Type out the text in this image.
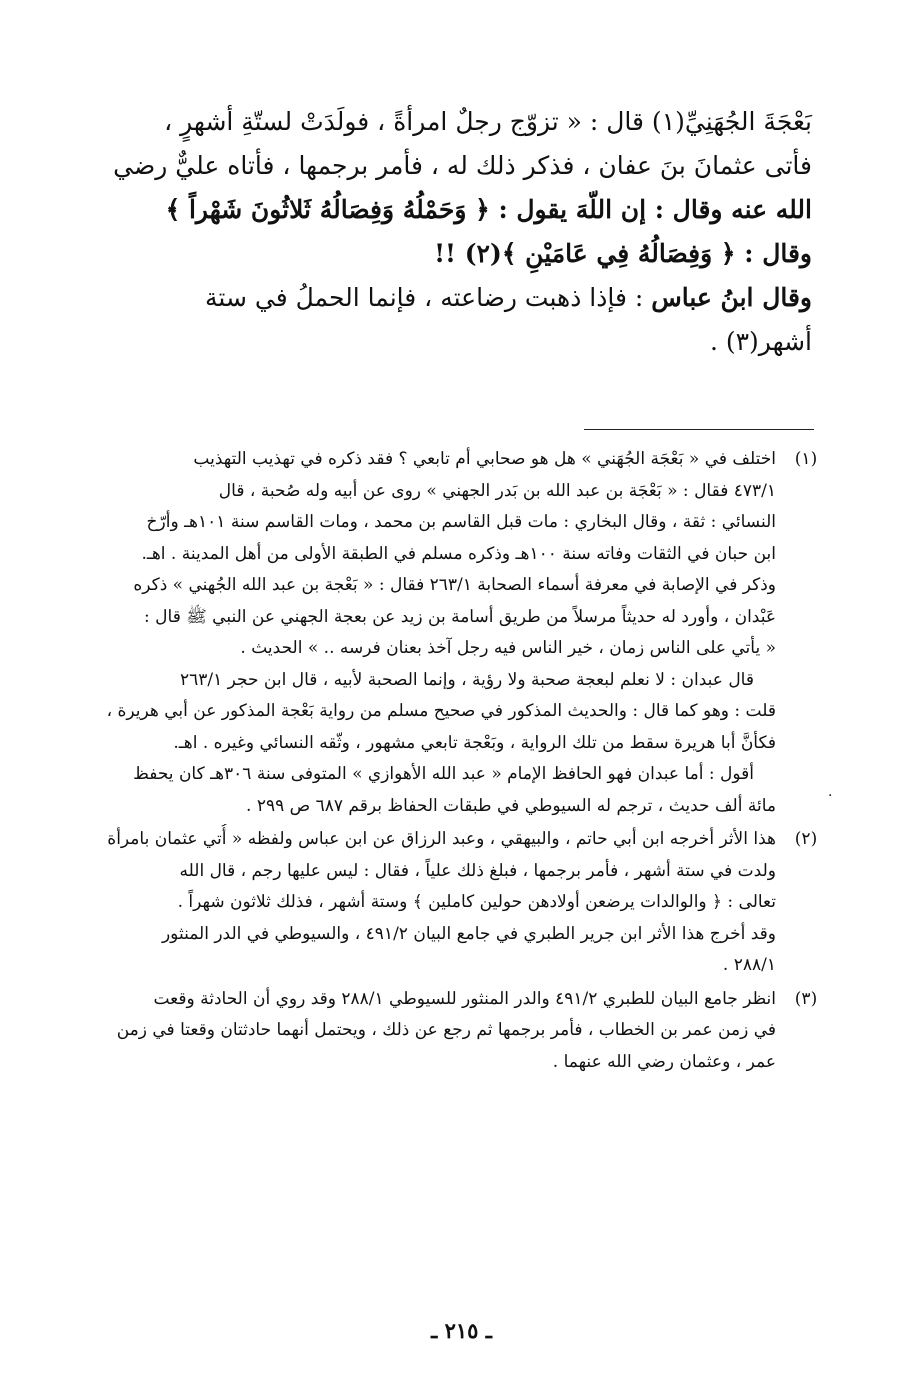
بَعْجَةَ الجُهَنِيِّ(١) قال : « تزوّج رجلٌ امرأةً ، فولَدَتْ لستّةِ أشهرٍ ،

فأتى عثمانَ بنَ عفان ، فذكر ذلك له ، فأمر برجمها ، فأتاه عليٌّ رضي

الله عنه وقال : إن اللّهَ يقول : ﴿ وَحَمْلُهُ وَفِصَالُهُ ثَلاثُونَ شَهْراً ﴾

وقال : ﴿ وَفِصَالُهُ فِي عَامَيْنِ ﴾(٢) !!

وقال ابنُ عباس : فإذا ذهبت رضاعته ، فإنما الحملُ في ستة

أشهر(٣) .

(١)
اختلف في « بَعْجَة الجُهَني » هل هو صحابي أم تابعي ؟ فقد ذكره في تهذيب التهذيب
٤٧٣/١ فقال : « بَعْجَة بن عبد الله بن بَدر الجهني » روى عن أبيه وله صُحبة ، قال
النسائي : ثقة ، وقال البخاري : مات قبل القاسم بن محمد ، ومات القاسم سنة ١٠١هـ وأرّخ
ابن حبان في الثقات وفاته سنة ١٠٠هـ وذكره مسلم في الطبقة الأولى من أهل المدينة . اهـ.
وذكر في الإصابة في معرفة أسماء الصحابة ٢٦٣/١ فقال : « بَعْجة بن عبد الله الجُهني » ذكره
عَبْدان ، وأورد له حديثاً مرسلاً من طريق أسامة بن زيد عن بعجة الجهني عن النبي ﷺ قال :
« يأتي على الناس زمان ، خير الناس فيه رجل آخذ بعنان فرسه .. » الحديث .
قال عبدان : لا نعلم لبعجة صحبة ولا رؤية ، وإنما الصحبة لأبيه ، قال ابن حجر ٢٦٣/١
قلت : وهو كما قال : والحديث المذكور في صحيح مسلم من رواية بَعْجة المذكور عن أبي هريرة ،
فكأنَّ أبا هريرة سقط من تلك الرواية ، وبَعْجة تابعي مشهور ، وثّقه النسائي وغيره . اهـ.
أقول : أما عبدان فهو الحافظ الإمام « عبد الله الأهوازي » المتوفى سنة ٣٠٦هـ كان يحفظ
مائة ألف حديث ، ترجم له السيوطي في طبقات الحفاظ برقم ٦٨٧ ص ٢٩٩ .
(٢)
هذا الأثر أخرجه ابن أبي حاتم ، والبيهقي ، وعبد الرزاق عن ابن عباس ولفظه « أُتي عثمان بامرأة
ولدت في ستة أشهر ، فأمر برجمها ، فبلغ ذلك علياً ، فقال : ليس عليها رجم ، قال الله
تعالى : ﴿ والوالدات يرضعن أولادهن حولين كاملين ﴾ وستة أشهر ، فذلك ثلاثون شهراً .
وقد أخرج هذا الأثر ابن جرير الطبري في جامع البيان ٤٩١/٢ ، والسيوطي في الدر المنثور
٢٨٨/١ .
(٣)
انظر جامع البيان للطبري ٤٩١/٢ والدر المنثور للسيوطي ٢٨٨/١ وقد روي أن الحادثة وقعت
في زمن عمر بن الخطاب ، فأمر برجمها ثم رجع عن ذلك ، ويحتمل أنهما حادثتان وقعتا في زمن
عمر ، وعثمان رضي الله عنهما .
·
ـ ٢١٥ ـ
